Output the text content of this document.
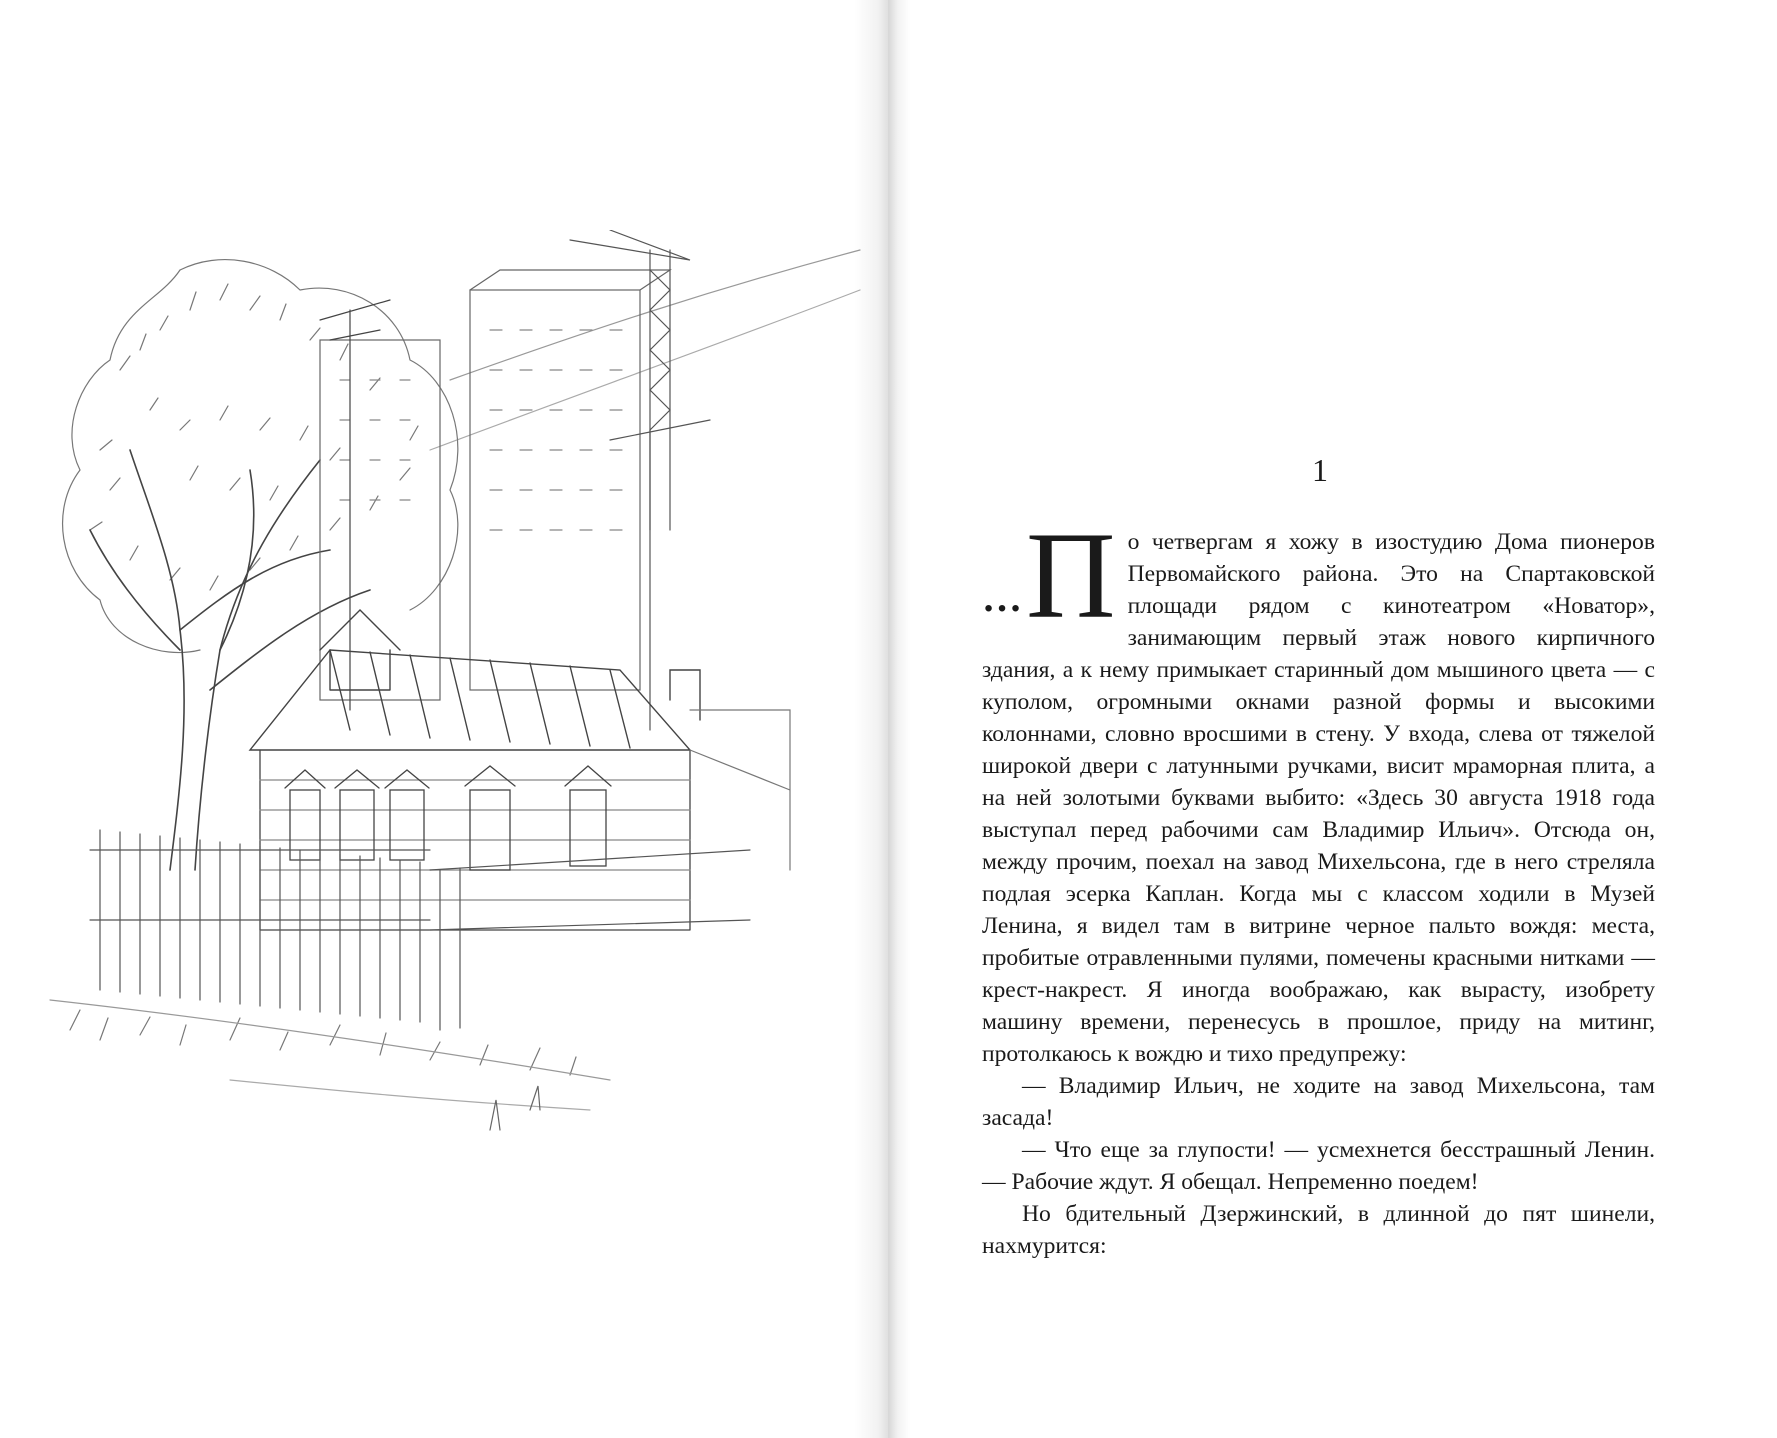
1

… П о четвергам я хожу в изостудию Дома пионеров Первомайского района. Это на Спартаковской площади рядом с кинотеатром «Новатор», занимающим первый этаж нового кирпичного здания, а к нему примыкает старинный дом мышиного цвета — с куполом, огромными окнами разной формы и высокими колоннами, словно вросшими в стену. У входа, слева от тяжелой широкой двери с латунными ручками, висит мраморная плита, а на ней золотыми буквами выбито: «Здесь 30 августа 1918 года выступал перед рабочими сам Владимир Ильич». Отсюда он, между прочим, поехал на завод Михельсона, где в него стреляла подлая эсерка Каплан. Когда мы с классом ходили в Музей Ленина, я видел там в витрине черное пальто вождя: места, пробитые отравленными пулями, помечены красными нитками — крест-накрест. Я иногда воображаю, как вырасту, изобрету машину времени, перенесусь в прошлое, приду на митинг, протолкаюсь к вождю и тихо предупрежу:

— Владимир Ильич, не ходите на завод Михельсона, там засада!

— Что еще за глупости! — усмехнется бесстрашный Ленин. — Рабочие ждут. Я обещал. Непременно поедем!

Но бдительный Дзержинский, в длинной до пят шинели, нахмурится:
